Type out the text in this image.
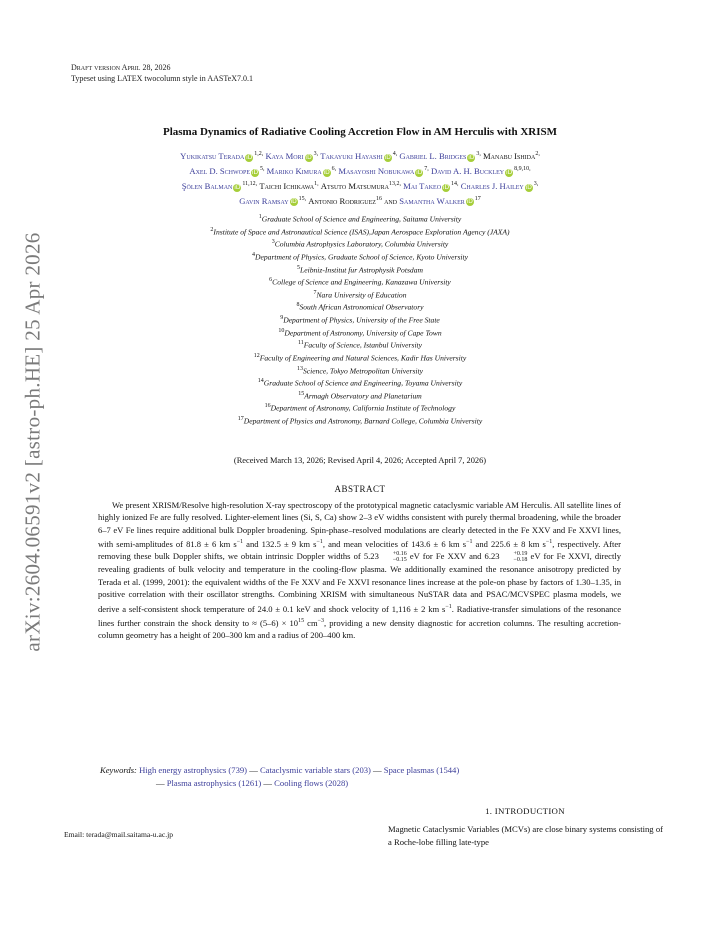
arXiv:2604.06591v2 [astro-ph.HE] 25 Apr 2026
Draft version April 28, 2026
Typeset using LATEX twocolumn style in AASTeX7.0.1
Plasma Dynamics of Radiative Cooling Accretion Flow in AM Herculis with XRISM
Yukikatsu Terada iD $^{1,2,}$ Kaya Mori iD $^{3,}$ Takayuki Hayashi iD $^{4,}$ Gabriel L. Bridges iD $^{3,}$ Manabu Ishida$^{2,}$
Axel D. Schwope iD $^{5,}$ Mariko Kimura iD $^{6,}$ Masayoshi Nobukawa iD $^{7,}$ David A. H. Buckley iD $^{8,9,10,}$
Şölen Balman iD $^{11,12,}$ Taichi Ichikawa$^{1,}$ Atsuto Matsumura$^{13,2,}$ Mai Takeo iD $^{14,}$ Charles J. Hailey iD $^{3,}$
Gavin Ramsay iD $^{15,}$ Antonio Rodriguez$^{16}$ and Samantha Walker iD $^{17}$
$^1$Graduate School of Science and Engineering, Saitama University
$^2$Institute of Space and Astronautical Science (ISAS),Japan Aerospace Exploration Agency (JAXA)
$^3$Columbia Astrophysics Laboratory, Columbia University
$^4$Department of Physics, Graduate School of Science, Kyoto University
$^5$Leibniz-Institut fur Astrophysik Potsdam
$^6$College of Science and Engineering, Kanazawa University
$^7$Nara University of Education
$^8$South African Astronomical Observatory
$^9$Department of Physics, University of the Free State
$^{10}$Department of Astronomy, University of Cape Town
$^{11}$Faculty of Science, Istanbul University
$^{12}$Faculty of Engineering and Natural Sciences, Kadir Has University
$^{13}$Science, Tokyo Metropolitan University
$^{14}$Graduate School of Science and Engineering, Toyama University
$^{15}$Armagh Observatory and Planetarium
$^{16}$Department of Astronomy, California Institute of Technology
$^{17}$Department of Physics and Astronomy, Barnard College, Columbia University
(Received March 13, 2026; Revised April 4, 2026; Accepted April 7, 2026)
ABSTRACT
We present XRISM/Resolve high-resolution X-ray spectroscopy of the prototypical magnetic cataclysmic variable AM Herculis. All satellite lines of highly ionized Fe are fully resolved. Lighter-element lines (Si, S, Ca) show 2–3 eV widths consistent with purely thermal broadening, while the broader 6–7 eV Fe lines require additional bulk Doppler broadening. Spin-phase–resolved modulations are clearly detected in the Fe XXV and Fe XXVI lines, with semi-amplitudes of 81.8 ± 6 km $s^{-1}$ and 132.5 ± 9 km $s^{-1}$, and mean velocities of 143.6 ± 6 km $s^{-1}$ and 225.6 ± 8 km $s^{-1}$, respectively. After removing these bulk Doppler shifts, we obtain intrinsic Doppler widths of 5.23	+0.16
−0.15 eV for Fe XXV and 6.23	+0.19
−0.18 eV for Fe XXVI, directly revealing gradients of bulk velocity and temperature in the cooling-flow plasma. We additionally examined the resonance anisotropy predicted by Terada et al. (1999, 2001): the equivalent widths of the Fe XXV and Fe XXVI resonance lines increase at the pole-on phase by factors of 1.30–1.35, in positive correlation with their oscillator strengths. Combining XRISM with simultaneous NuSTAR data and PSAC/MCVSPEC plasma models, we derive a self-consistent shock temperature of 24.0 ± 0.1 keV and shock velocity of 1,116 ± 2 km $s^{-1}$. Radiative-transfer simulations of the resonance lines further constrain the shock density to ≈ $(5-6) \times 10^{15}$ $cm^{-3}$, providing a new density diagnostic for accretion columns. The resulting accretion-column geometry has a height of 200–300 km and a radius of 200–400 km.
Keywords: High energy astrophysics (739) — Cataclysmic variable stars (203) — Space plasmas (1544)
— Plasma astrophysics (1261) — Cooling flows (2028)
1. INTRODUCTION
Magnetic Cataclysmic Variables (MCVs) are close binary systems consisting of a Roche-lobe filling late-type
Email: terada@mail.saitama-u.ac.jp
